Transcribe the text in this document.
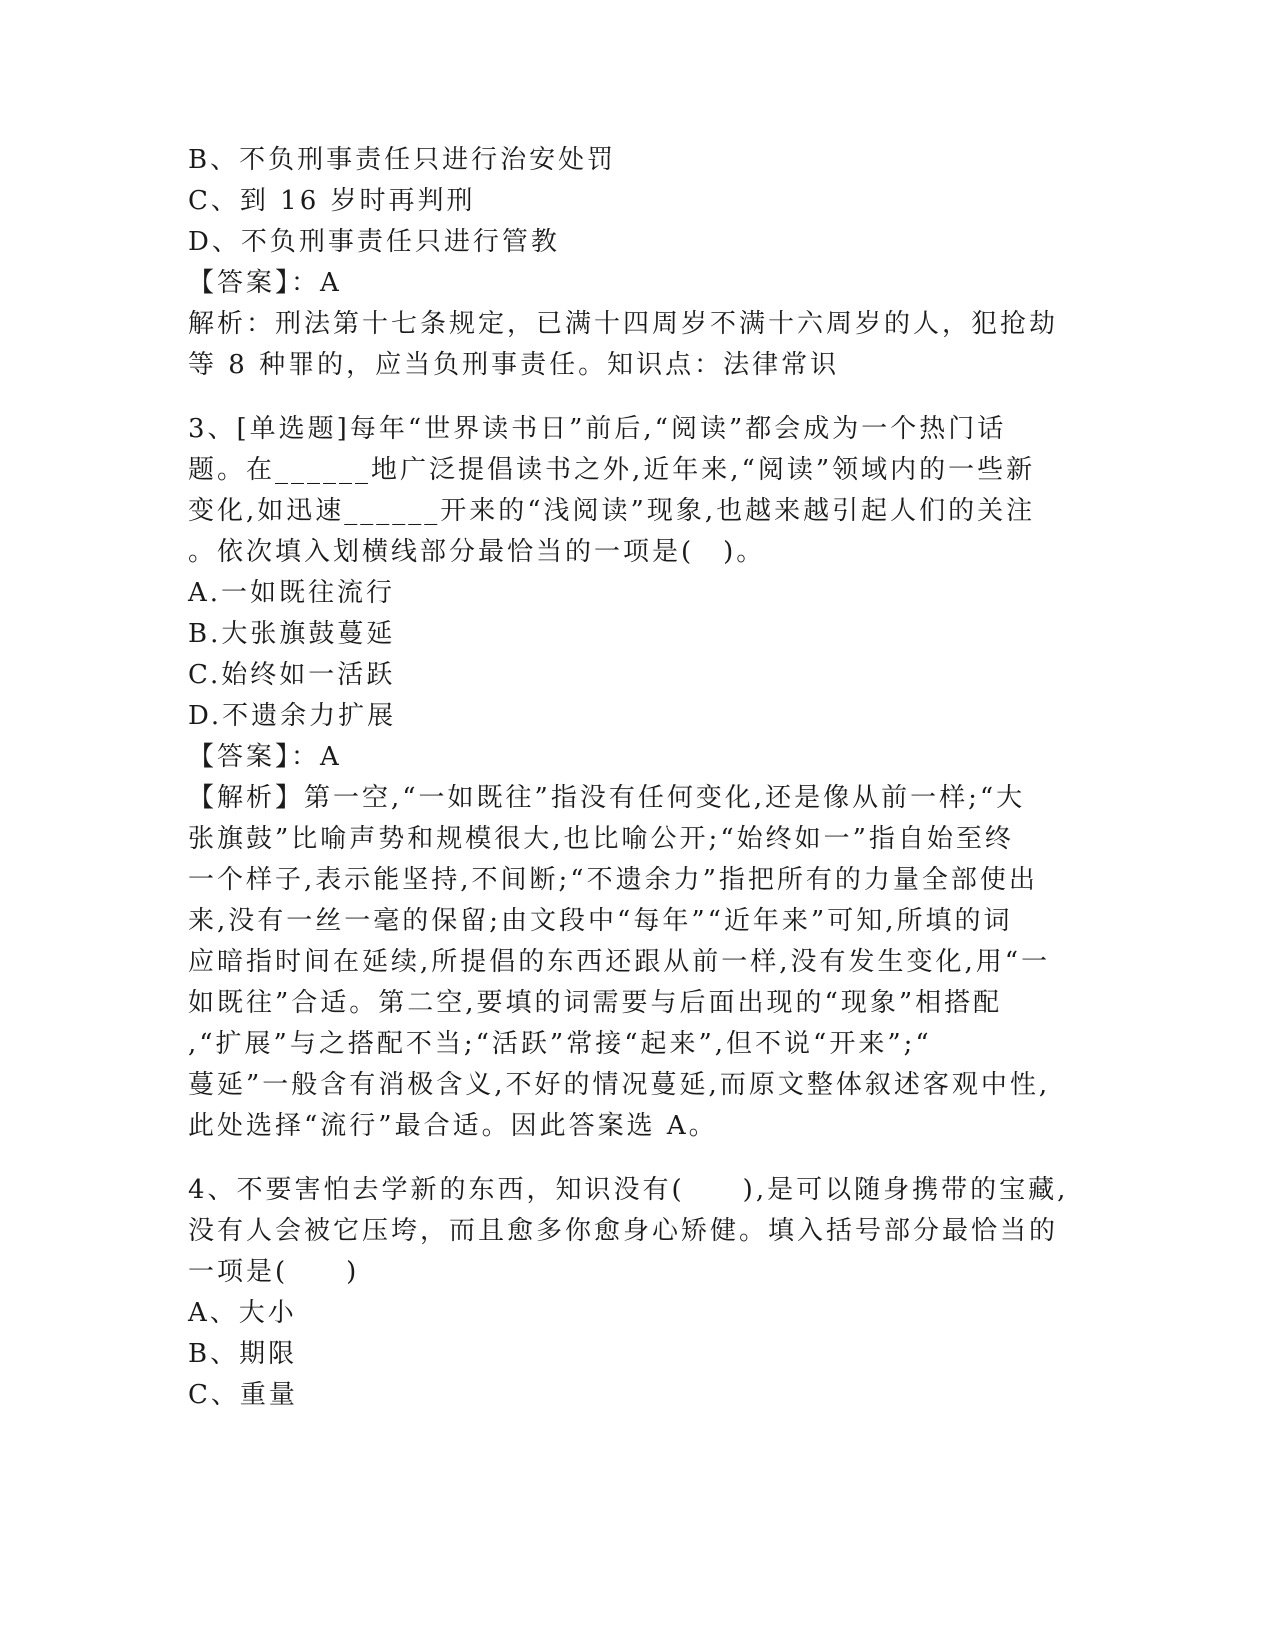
B、不负刑事责任只进行治安处罚
C、到 16 岁时再判刑
D、不负刑事责任只进行管教
【答案】：A
解析：刑法第十七条规定，已满十四周岁不满十六周岁的人，犯抢劫
等 8 种罪的，应当负刑事责任。知识点：法律常识
3、[单选题]每年“世界读书日”前后,“阅读”都会成为一个热门话
题。在______地广泛提倡读书之外,近年来,“阅读”领域内的一些新
变化,如迅速______开来的“浅阅读”现象,也越来越引起人们的关注
。依次填入划横线部分最恰当的一项是(　)。
A.一如既往流行
B.大张旗鼓蔓延
C.始终如一活跃
D.不遗余力扩展
【答案】：A
【解析】第一空,“一如既往”指没有任何变化,还是像从前一样;“大
张旗鼓”比喻声势和规模很大,也比喻公开;“始终如一”指自始至终
一个样子,表示能坚持,不间断;“不遗余力”指把所有的力量全部使出
来,没有一丝一毫的保留;由文段中“每年”“近年来”可知,所填的词
应暗指时间在延续,所提倡的东西还跟从前一样,没有发生变化,用“一
如既往”合适。第二空,要填的词需要与后面出现的“现象”相搭配
,“扩展”与之搭配不当;“活跃”常接“起来”,但不说“开来”;“
蔓延”一般含有消极含义,不好的情况蔓延,而原文整体叙述客观中性,
此处选择“流行”最合适。因此答案选 A。
4、不要害怕去学新的东西，知识没有(　　),是可以随身携带的宝藏,
没有人会被它压垮，而且愈多你愈身心矫健。填入括号部分最恰当的
一项是(　　)
A、大小
B、期限
C、重量
